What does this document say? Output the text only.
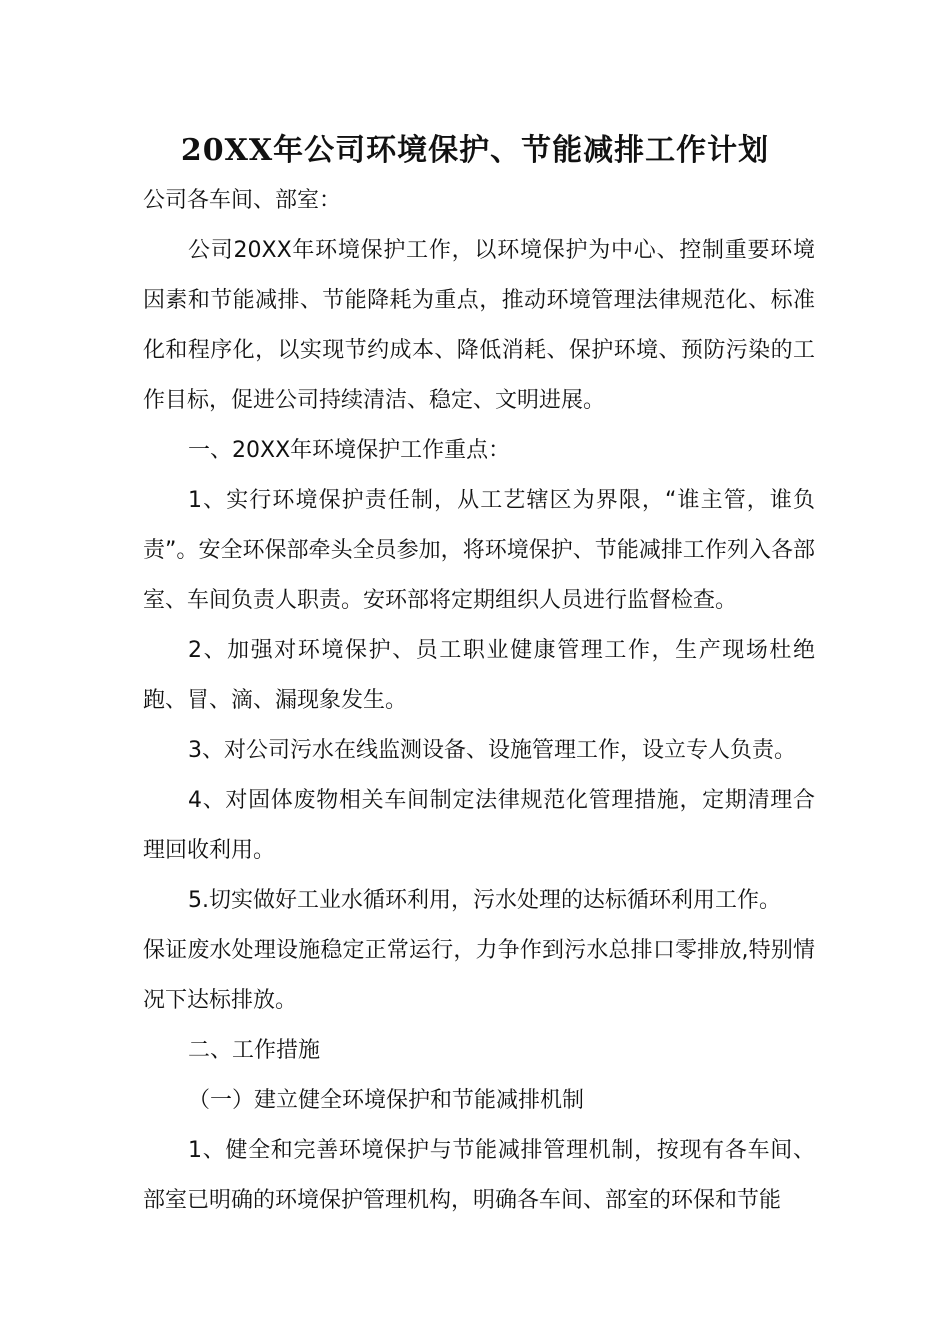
20XX年公司环境保护、节能减排工作计划

公司各车间、部室：

公司20XX年环境保护工作，以环境保护为中心、控制重要环境因素和节能减排、节能降耗为重点，推动环境管理法律规范化、标准化和程序化，以实现节约成本、降低消耗、保护环境、预防污染的工作目标，促进公司持续清洁、稳定、文明进展。

一、20XX年环境保护工作重点：

1、实行环境保护责任制，从工艺辖区为界限，“谁主管，谁负责”。安全环保部牵头全员参加，将环境保护、节能减排工作列入各部室、车间负责人职责。安环部将定期组织人员进行监督检查。

2、加强对环境保护、员工职业健康管理工作，生产现场杜绝跑、冒、滴、漏现象发生。

3、对公司污水在线监测设备、设施管理工作，设立专人负责。

4、对固体废物相关车间制定法律规范化管理措施，定期清理合理回收利用。

5.切实做好工业水循环利用，污水处理的达标循环利用工作。

保证废水处理设施稳定正常运行，力争作到污水总排口零排放,特别情况下达标排放。

二、工作措施

（一）建立健全环境保护和节能减排机制

1、健全和完善环境保护与节能减排管理机制，按现有各车间、部室已明确的环境保护管理机构，明确各车间、部室的环保和节能
